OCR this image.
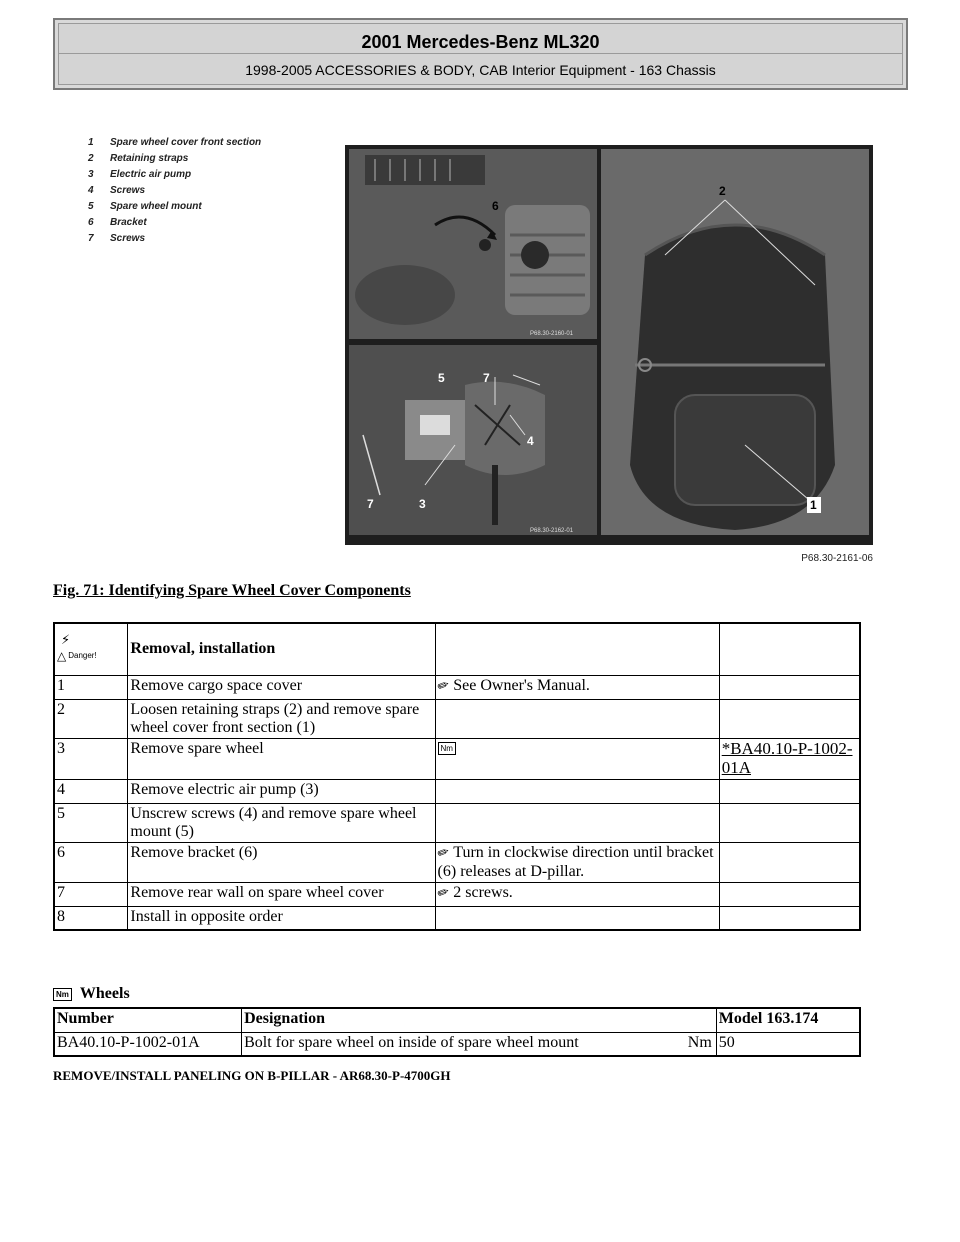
2001 Mercedes-Benz ML320
1998-2005 ACCESSORIES & BODY, CAB Interior Equipment - 163 Chassis
1	Spare wheel cover front section
2	Retaining straps
3	Electric air pump
4	Screws
5	Spare wheel mount
6	Bracket
7	Screws
6
P68.30-2160-01
5	7
4
7	3
P68.30-2162-01
2
1
P68.30-2161-06
Fig. 71: Identifying Spare Wheel Cover Components
⚡
△ Danger!	Removal, installation		
1	Remove cargo space cover	✏ See Owner's Manual.	
2	Loosen retaining straps (2) and remove spare wheel cover front section (1)		
3	Remove spare wheel	Nm	*BA40.10-P-1002-01A
4	Remove electric air pump (3)		
5	Unscrew screws (4) and remove spare wheel mount (5)		
6	Remove bracket (6)	✏ Turn in clockwise direction until bracket (6) releases at D-pillar.	
7	Remove rear wall on spare wheel cover	✏ 2 screws.	
8	Install in opposite order		
Nm Wheels
Number	Designation	Model 163.174
BA40.10-P-1002-01A	Bolt for spare wheel on inside of spare wheel mount Nm	50
REMOVE/INSTALL PANELING ON B-PILLAR - AR68.30-P-4700GH
